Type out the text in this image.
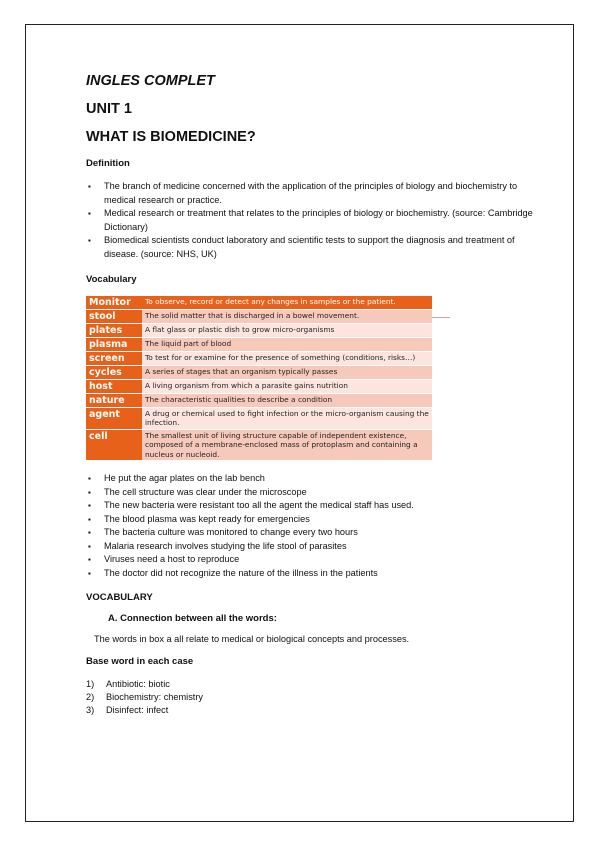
INGLES COMPLET

UNIT 1

WHAT IS BIOMEDICINE?

Definition

▪ The branch of medicine concerned with the application of the principles of biology and biochemistry to medical research or practice.
▪ Medical research or treatment that relates to the principles of biology or biochemistry. (source: Cambridge Dictionary)
▪ Biomedical scientists conduct laboratory and scientific tests to support the diagnosis and treatment of disease. (source: NHS, UK)

Vocabulary

Monitor	To observe, record or detect any changes in samples or the patient.
stool	The solid matter that is discharged in a bowel movement.
plates	A flat glass or plastic dish to grow micro-organisms
plasma	The liquid part of blood
screen	To test for or examine for the presence of something (conditions, risks…)
cycles	A series of stages that an organism typically passes
host	A living organism from which a parasite gains nutrition
nature	The characteristic qualities to describe a condition
agent	A drug or chemical used to fight infection or the micro-organism causing the infection.
cell	The smallest unit of living structure capable of independent existence, composed of a membrane-enclosed mass of protoplasm and containing a nucleus or nucleoid.
▪ He put the agar plates on the lab bench
▪ The cell structure was clear under the microscope
▪ The new bacteria were resistant too all the agent the medical staff has used.
▪ The blood plasma was kept ready for emergencies
▪ The bacteria culture was monitored to change every two hours
▪ Malaria research involves studying the life stool of parasites
▪ Viruses need a host to reproduce
▪ The doctor did not recognize the nature of the illness in the patients

VOCABULARY

A. Connection between all the words:

The words in box a all relate to medical or biological concepts and processes.

Base word in each case

1) Antibiotic: biotic
2) Biochemistry: chemistry
3) Disinfect: infect
